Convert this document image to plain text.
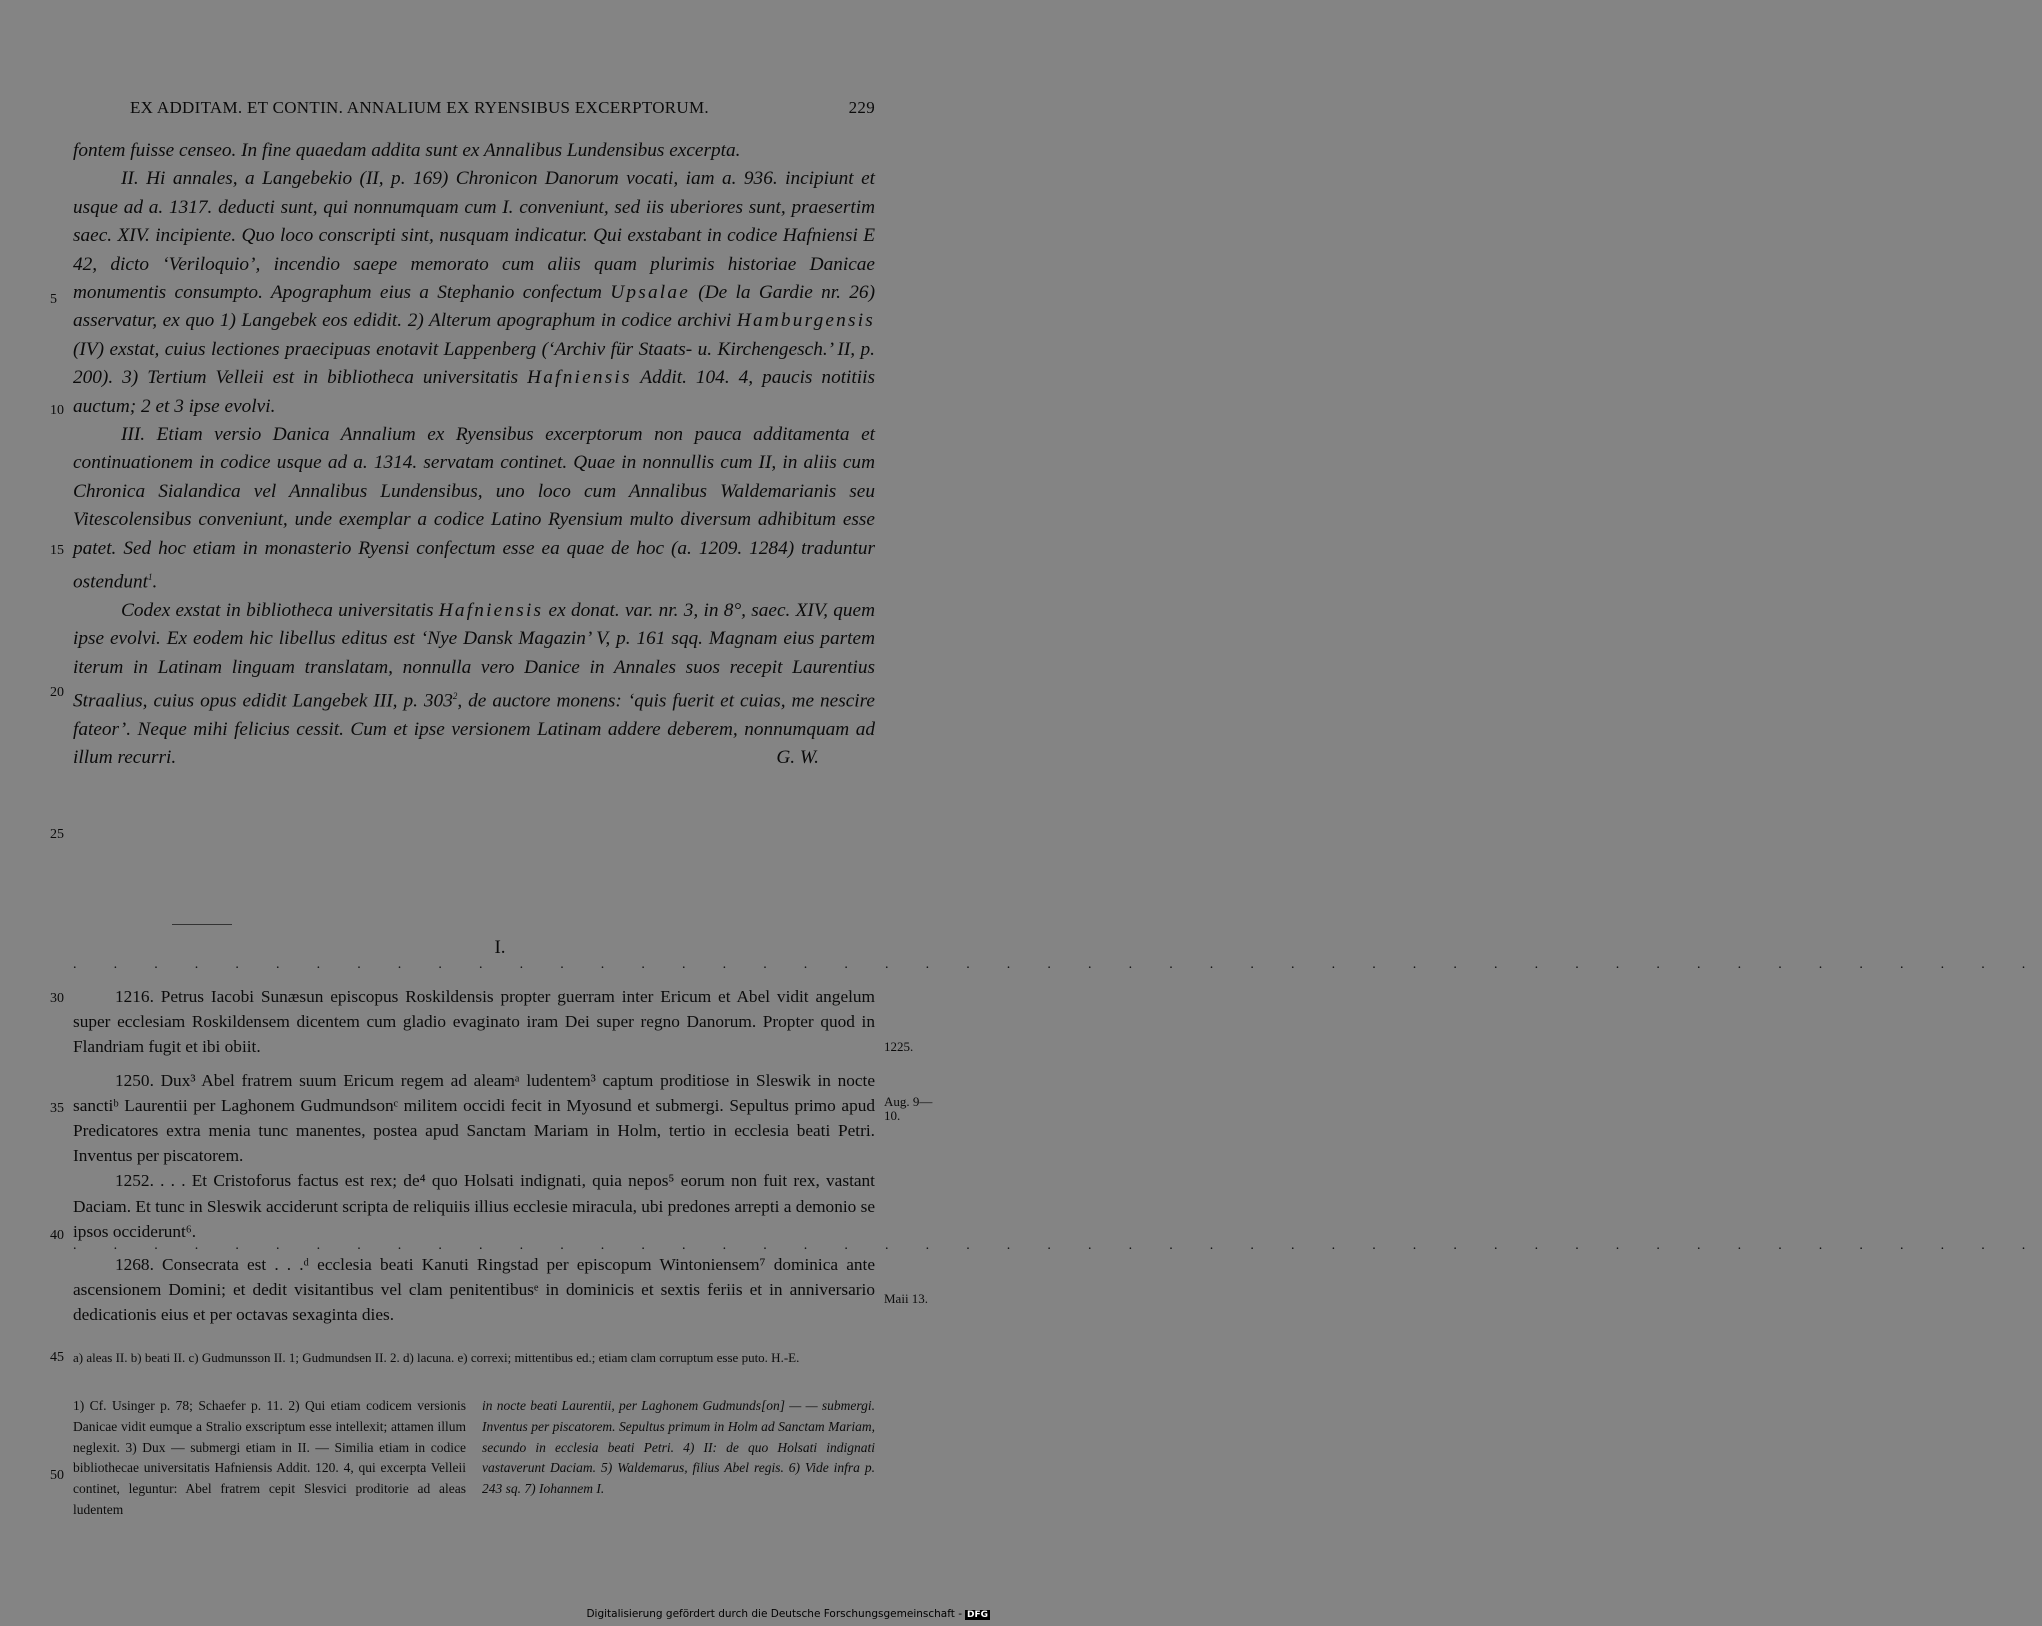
EX ADDITAM. ET CONTIN. ANNALIUM EX RYENSIBUS EXCERPTORUM.	229

fontem fuisse censeo. In fine quaedam addita sunt ex Annalibus Lundensibus excerpta.

II. Hi annales, a Langebekio (II, p. 169) Chronicon Danorum vocati, iam a. 936. incipiunt et usque ad a. 1317. deducti sunt, qui nonnumquam cum I. conveniunt, sed iis uberiores sunt, praesertim saec. XIV. incipiente. Quo loco conscripti sint, nusquam indicatur. Qui exstabant in codice Hafniensi E 42, dicto ‘Veriloquio’, incendio saepe memorato cum aliis quam plurimis historiae Danicae monumentis consumpto. Apographum eius a Stephanio confectum Upsalae (De la Gardie nr. 26) asservatur, ex quo 1) Langebek eos edidit. 2) Alterum apographum in codice archivi Hamburgensis (IV) exstat, cuius lectiones praecipuas enotavit Lappenberg (‘Archiv für Staats- u. Kirchengesch.’ II, p. 200). 3) Tertium Velleii est in bibliotheca universitatis Hafniensis Addit. 104. 4, paucis notitiis auctum; 2 et 3 ipse evolvi.

III. Etiam versio Danica Annalium ex Ryensibus excerptorum non pauca additamenta et continuationem in codice usque ad a. 1314. servatam continet. Quae in nonnullis cum II, in aliis cum Chronica Sialandica vel Annalibus Lundensibus, uno loco cum Annalibus Waldemarianis seu Vitescolensibus conveniunt, unde exemplar a codice Latino Ryensium multo diversum adhibitum esse patet. Sed hoc etiam in monasterio Ryensi confectum esse ea quae de hoc (a. 1209. 1284) traduntur ostendunt$^1$.

Codex exstat in bibliotheca universitatis Hafniensis ex donat. var. nr. 3, in 8°, saec. XIV, quem ipse evolvi. Ex eodem hic libellus editus est ‘Nye Dansk Magazin’ V, p. 161 sqq. Magnam eius partem iterum in Latinam linguam translatam, nonnulla vero Danice in Annales suos recepit Laurentius Straalius, cuius opus edidit Langebek III, p. $303^2$, de auctore monens: ‘quis fuerit et cuias, me nescire fateor’. Neque mihi felicius cessit. Cum et ipse versionem Latinam addere deberem, nonnumquam ad illum recurri.	G. W.

I.
. . . . . . . . . . . . . . . . . . . . . . . . . . . . . . . . . . . . . . . . . . . . . . . . .

1216. Petrus Iacobi Sunæsun episcopus Roskildensis propter guerram inter Ericum et Abel vidit angelum super ecclesiam Roskildensem dicentem cum gladio evaginato iram Dei super regno Danorum. Propter quod in Flandriam fugit et ibi obiit.

1250. Dux³ Abel fratrem suum Ericum regem ad aleamᵃ ludentem³ captum proditiose in Sleswik in nocte sanctiᵇ Laurentii per Laghonem Gudmundsonᶜ militem occidi fecit in Myosund et submergi. Sepultus primo apud Predicatores extra menia tunc manentes, postea apud Sanctam Mariam in Holm, tertio in ecclesia beati Petri. Inventus per piscatorem.

1252. . . . Et Cristoforus factus est rex; de⁴ quo Holsati indignati, quia nepos⁵ eorum non fuit rex, vastant Daciam. Et tunc in Sleswik acciderunt scripta de reliquiis illius ecclesie miracula, ubi predones arrepti a demonio se ipsos occiderunt⁶.

1268. Consecrata est . . .ᵈ ecclesia beati Kanuti Ringstad per episcopum Wintoniensem⁷ dominica ante ascensionem Domini; et dedit visitantibus vel clam penitentibusᵉ in dominicis et sextis feriis et in anniversario dedicationis eius et per octavas sexaginta dies.

. . . . . . . . . . . . . . . . . . . . . . . . . . . . . . . . . . . . . . . . . . . . . . . . .
1225.
Aug. 9—10.
Maii 13.
5
10
15
20
25
30
35
40
45
50
a) aleas II. b) beati II. c) Gudmunsson II. 1; Gudmundsen II. 2. d) lacuna. e) correxi; mittentibus ed.; etiam clam corruptum esse puto. H.-E.
1) Cf. Usinger p. 78; Schaefer p. 11. 2) Qui etiam codicem versionis Danicae vidit eumque a Stralio exscriptum esse intellexit; attamen illum neglexit. 3) Dux — submergi etiam in II. — Similia etiam in codice bibliothecae universitatis Hafniensis Addit. 120. 4, qui excerpta Velleii continet, leguntur: Abel fratrem cepit Slesvici proditorie ad aleas ludentem
in nocte beati Laurentii, per Laghonem Gudmunds[on] — — submergi. Inventus per piscatorem. Sepultus primum in Holm ad Sanctam Mariam, secundo in ecclesia beati Petri. 4) II: de quo Holsati indignati vastaverunt Daciam. 5) Waldemarus, filius Abel regis. 6) Vide infra p. 243 sq. 7) Iohannem I.
Digitalisierung gefördert durch die Deutsche Forschungsgemeinschaft - DFG
